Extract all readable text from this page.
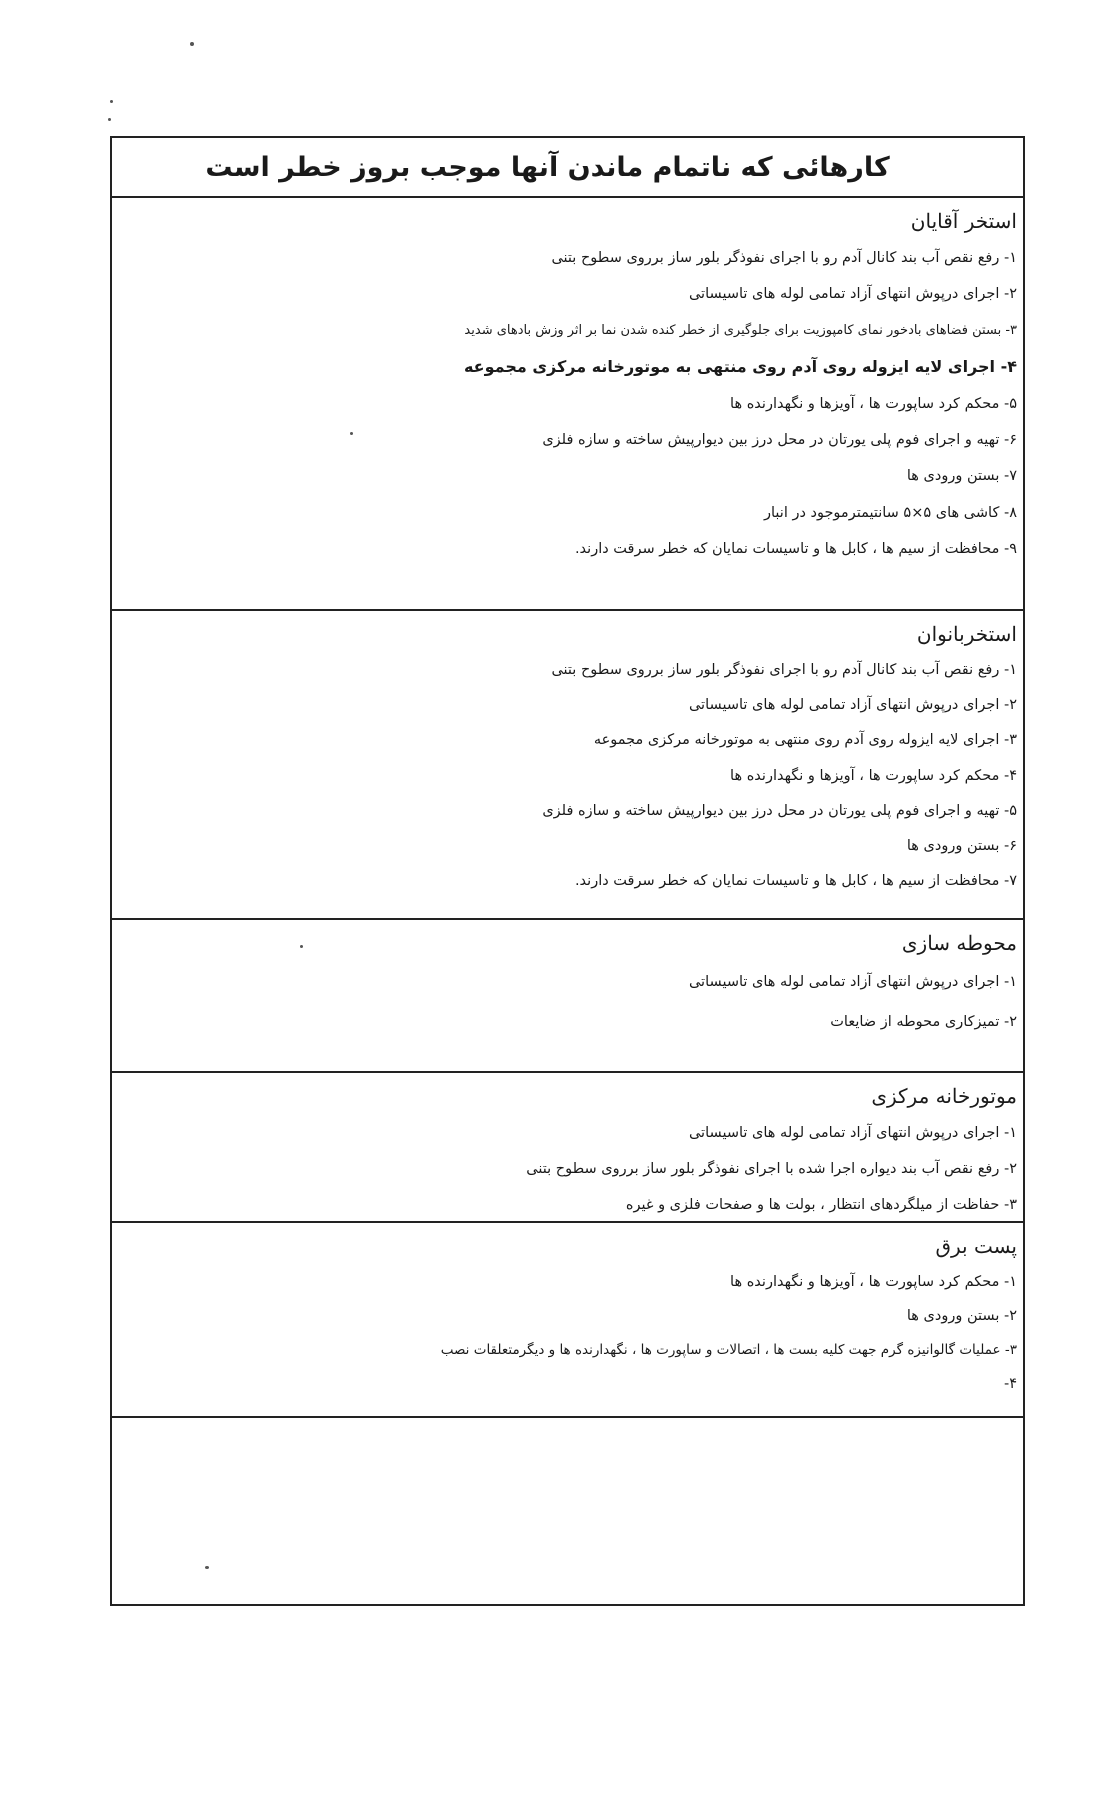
کارهائی که ناتمام ماندن آنها موجب بروز خطر است
استخر آقایان
۱- رفع نقص آب بند کانال آدم رو با اجرای نفوذگر بلور ساز برروی سطوح بتنی
۲- اجرای درپوش انتهای آزاد تمامی لوله های تاسیساتی
۳- بستن فضاهای بادخور نمای کامپوزیت برای جلوگیری از خطر کنده شدن نما بر اثر وزش بادهای شدید
۴- اجرای لایه ایزوله روی آدم روی منتهی به موتورخانه مرکزی مجموعه
۵- محکم کرد ساپورت ها ، آویزها و نگهدارنده ها
۶- تهیه و اجرای فوم پلی یورتان در محل درز بین دیوارپیش ساخته و سازه فلزی
۷- بستن ورودی ها
۸- کاشی های ۵×۵ سانتیمترموجود در انبار
۹- محافظت از سیم ها ، کابل ها و تاسیسات نمایان که خطر سرقت دارند.
استخربانوان
۱- رفع نقص آب بند کانال آدم رو با اجرای نفوذگر بلور ساز برروی سطوح بتنی
۲- اجرای درپوش انتهای آزاد تمامی لوله های تاسیساتی
۳- اجرای لایه ایزوله روی آدم روی منتهی به موتورخانه مرکزی مجموعه
۴- محکم کرد ساپورت ها ، آویزها و نگهدارنده ها
۵- تهیه و اجرای فوم پلی یورتان در محل درز بین دیوارپیش ساخته و سازه فلزی
۶- بستن ورودی ها
۷- محافظت از سیم ها ، کابل ها و تاسیسات نمایان که خطر سرقت دارند.
محوطه سازی
۱- اجرای درپوش انتهای آزاد تمامی لوله های تاسیساتی
۲- تمیزکاری محوطه از ضایعات
موتورخانه مرکزی
۱- اجرای درپوش انتهای آزاد تمامی لوله های تاسیساتی
۲- رفع نقص آب بند دیواره اجرا شده با اجرای نفوذگر بلور ساز برروی سطوح بتنی
۳- حفاظت از میلگردهای انتظار ، بولت ها و صفحات فلزی و غیره
پست برق
۱- محکم کرد ساپورت ها ، آویزها و نگهدارنده ها
۲- بستن ورودی ها
۳- عملیات گالوانیزه گرم جهت کلیه بست ها ، اتصالات و ساپورت ها ، نگهدارنده ها و دیگرمتعلقات نصب
۴-
